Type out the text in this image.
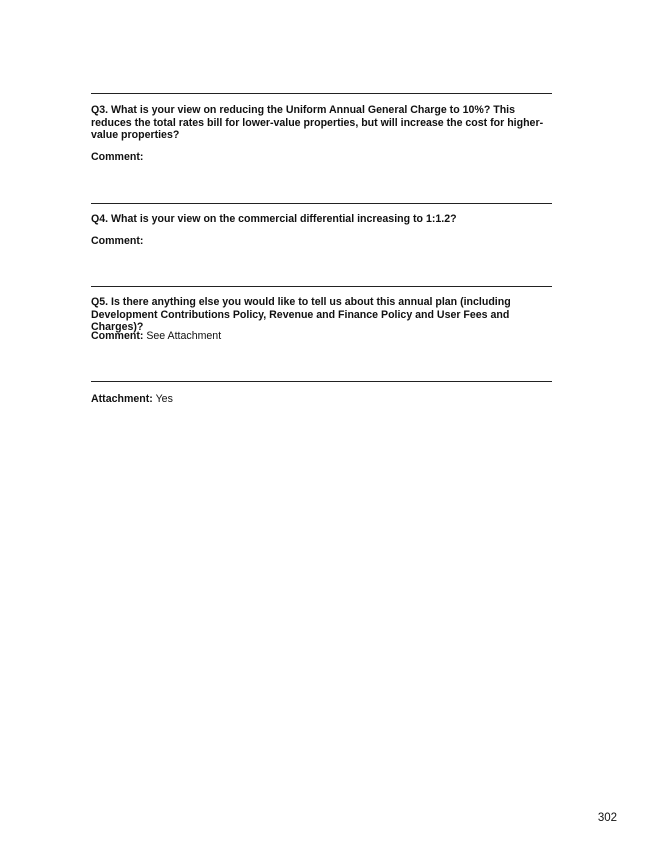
Q3. What is your view on reducing the Uniform Annual General Charge to 10%? This reduces the total rates bill for lower-value properties, but will increase the cost for higher-value properties?

Comment:

Q4. What is your view on the commercial differential increasing to 1:1.2?

Comment:

Q5. Is there anything else you would like to tell us about this annual plan (including Development Contributions Policy, Revenue and Finance Policy and User Fees and Charges)?

Comment: See Attachment

Attachment: Yes

302
